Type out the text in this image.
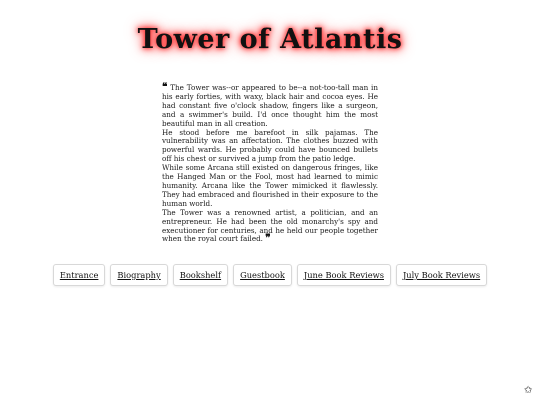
Tower of Atlantis

❝ The Tower was--or appeared to be--a not-too-tall man in his early forties, with waxy, black hair and cocoa eyes. He had constant five o'clock shadow, fingers like a surgeon, and a swimmer's build. I'd once thought him the most beautiful man in all creation.

He stood before me barefoot in silk pajamas. The vulnerability was an affectation. The clothes buzzed with powerful wards. He probably could have bounced bullets off his chest or survived a jump from the patio ledge.

While some Arcana still existed on dangerous fringes, like the Hanged Man or the Fool, most had learned to mimic humanity. Arcana like the Tower mimicked it flawlessly. They had embraced and flourished in their exposure to the human world.

The Tower was a renowned artist, a politician, and an entrepreneur. He had been the old monarchy's spy and executioner for centuries, and he held our people together when the royal court failed. ❞

Entrance	Biography	Bookshelf	Guestbook	June Book Reviews	July Book Reviews
✩
